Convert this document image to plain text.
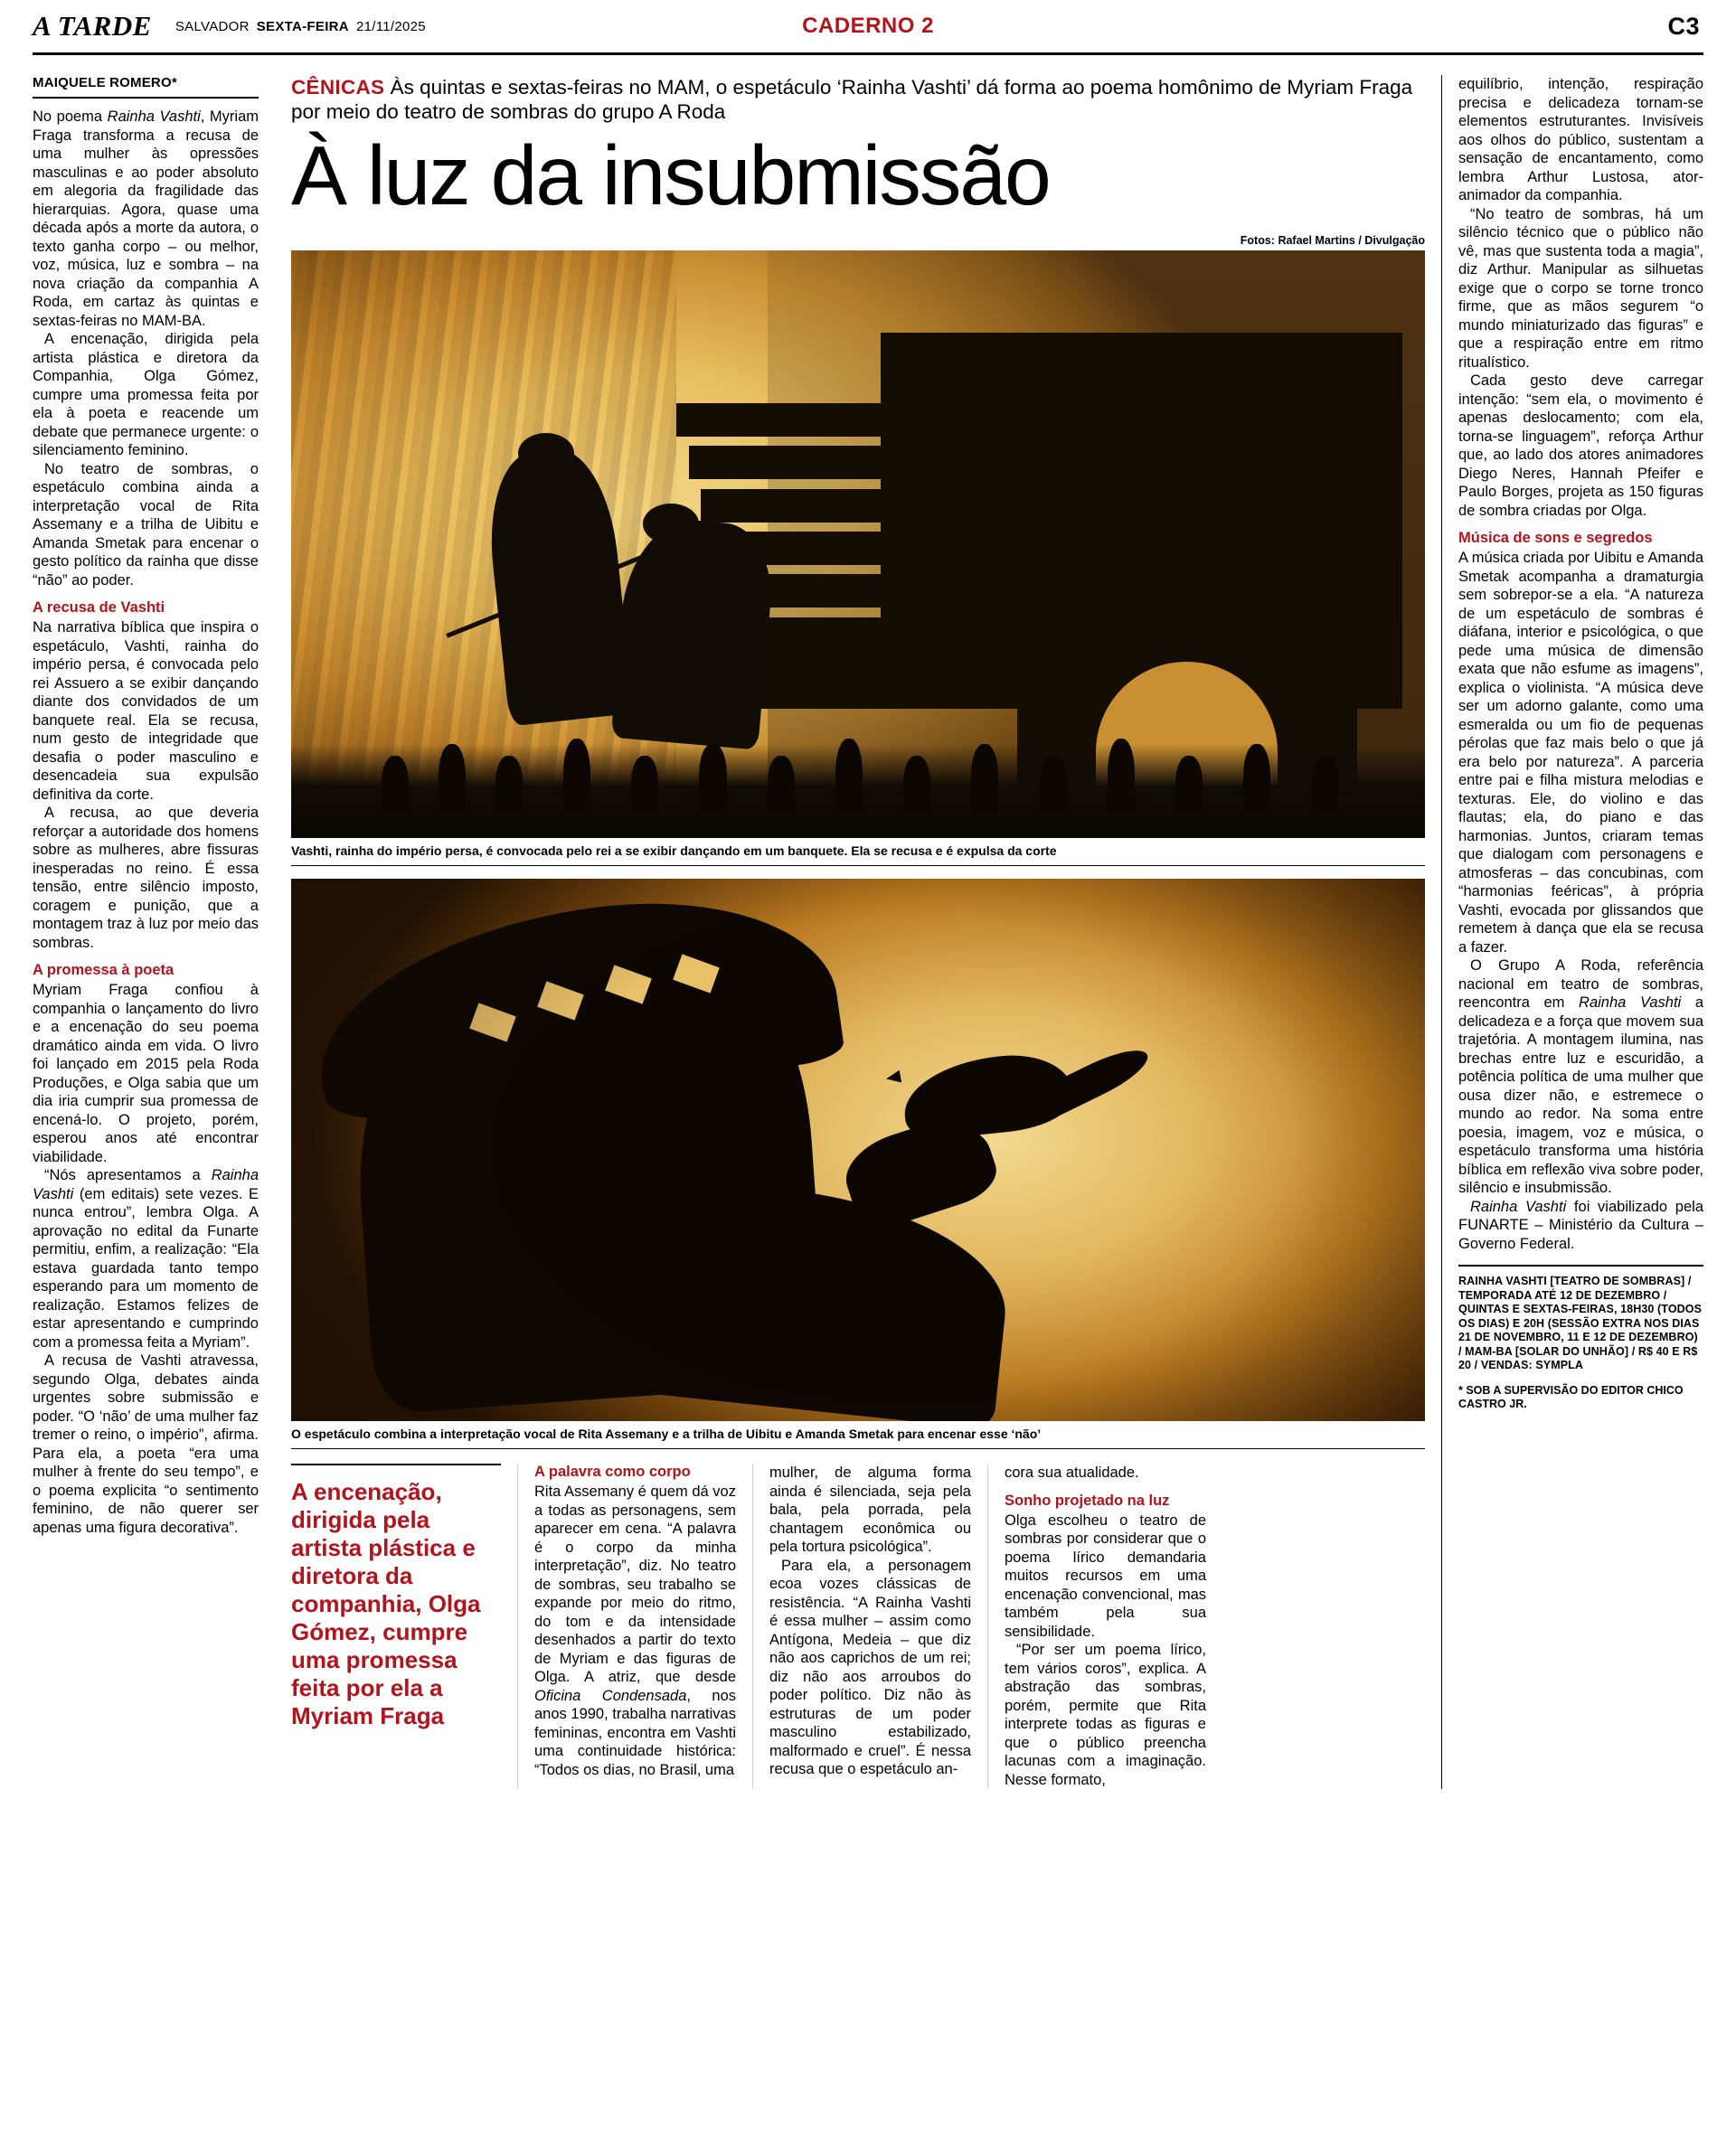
A TARDE	SALVADOR SEXTA-FEIRA 21/11/2025	CADERNO 2	C3
MAIQUELE ROMERO*

No poema Rainha Vashti, Myriam Fraga transforma a recusa de uma mulher às opressões masculinas e ao poder absoluto em alegoria da fragilidade das hierarquias. Agora, quase uma década após a morte da autora, o texto ganha corpo – ou melhor, voz, música, luz e sombra – na nova criação da companhia A Roda, em cartaz às quintas e sextas-feiras no MAM-BA.

A encenação, dirigida pela artista plástica e diretora da Companhia, Olga Gómez, cumpre uma promessa feita por ela à poeta e reacende um debate que permanece urgente: o silenciamento feminino.

No teatro de sombras, o espetáculo combina ainda a interpretação vocal de Rita Assemany e a trilha de Uibitu e Amanda Smetak para encenar o gesto político da rainha que disse “não” ao poder.

A recusa de Vashti

Na narrativa bíblica que inspira o espetáculo, Vashti, rainha do império persa, é convocada pelo rei Assuero a se exibir dançando diante dos convidados de um banquete real. Ela se recusa, num gesto de integridade que desafia o poder masculino e desencadeia sua expulsão definitiva da corte.

A recusa, ao que deveria reforçar a autoridade dos homens sobre as mulheres, abre fissuras inesperadas no reino. É essa tensão, entre silêncio imposto, coragem e punição, que a montagem traz à luz por meio das sombras.

A promessa à poeta

Myriam Fraga confiou à companhia o lançamento do livro e a encenação do seu poema dramático ainda em vida. O livro foi lançado em 2015 pela Roda Produções, e Olga sabia que um dia iria cumprir sua promessa de encená-lo. O projeto, porém, esperou anos até encontrar viabilidade.

“Nós apresentamos a Rainha Vashti (em editais) sete vezes. E nunca entrou”, lembra Olga. A aprovação no edital da Funarte permitiu, enfim, a realização: “Ela estava guardada tanto tempo esperando para um momento de realização. Estamos felizes de estar apresentando e cumprindo com a promessa feita a Myriam”.

A recusa de Vashti atravessa, segundo Olga, debates ainda urgentes sobre submissão e poder. “O ‘não’ de uma mulher faz tremer o reino, o império”, afirma. Para ela, a poeta “era uma mulher à frente do seu tempo”, e o poema explicita “o sentimento feminino, de não querer ser apenas uma figura decorativa”.

CÊNICAS Às quintas e sextas-feiras no MAM, o espetáculo ‘Rainha Vashti’ dá forma ao poema homônimo de Myriam Fraga por meio do teatro de sombras do grupo A Roda
À luz da insubmissão
Fotos: Rafael Martins / Divulgação
Vashti, rainha do império persa, é convocada pelo rei a se exibir dançando em um banquete. Ela se recusa e é expulsa da corte
O espetáculo combina a interpretação vocal de Rita Assemany e a trilha de Uibitu e Amanda Smetak para encenar esse ‘não’
A encenação, dirigida pela artista plástica e diretora da companhia, Olga Gómez, cumpre uma promessa feita por ela a Myriam Fraga
A palavra como corpo

Rita Assemany é quem dá voz a todas as personagens, sem aparecer em cena. “A palavra é o corpo da minha interpretação”, diz. No teatro de sombras, seu trabalho se expande por meio do ritmo, do tom e da intensidade desenhados a partir do texto de Myriam e das figuras de Olga. A atriz, que desde Oficina Condensada, nos anos 1990, trabalha narrativas femininas, encontra em Vashti uma continuidade histórica: “Todos os dias, no Brasil, uma

mulher, de alguma forma ainda é silenciada, seja pela bala, pela porrada, pela chantagem econômica ou pela tortura psicológica”.

Para ela, a personagem ecoa vozes clássicas de resistência. “A Rainha Vashti é essa mulher – assim como Antígona, Medeia – que diz não aos caprichos de um rei; diz não aos arroubos do poder político. Diz não às estruturas de um poder masculino estabilizado, malformado e cruel”. É nessa recusa que o espetáculo an-

cora sua atualidade.

Sonho projetado na luz

Olga escolheu o teatro de sombras por considerar que o poema lírico demandaria muitos recursos em uma encenação convencional, mas também pela sua sensibilidade.

“Por ser um poema lírico, tem vários coros”, explica. A abstração das sombras, porém, permite que Rita interprete todas as figuras e que o público preencha lacunas com a imaginação. Nesse formato,

equilíbrio, intenção, respiração precisa e delicadeza tornam-se elementos estruturantes. Invisíveis aos olhos do público, sustentam a sensação de encantamento, como lembra Arthur Lustosa, ator-animador da companhia.

“No teatro de sombras, há um silêncio técnico que o público não vê, mas que sustenta toda a magia”, diz Arthur. Manipular as silhuetas exige que o corpo se torne tronco firme, que as mãos segurem “o mundo miniaturizado das figuras” e que a respiração entre em ritmo ritualístico.

Cada gesto deve carregar intenção: “sem ela, o movimento é apenas deslocamento; com ela, torna-se linguagem”, reforça Arthur que, ao lado dos atores animadores Diego Neres, Hannah Pfeifer e Paulo Borges, projeta as 150 figuras de sombra criadas por Olga.

Música de sons e segredos

A música criada por Uibitu e Amanda Smetak acompanha a dramaturgia sem sobrepor-se a ela. “A natureza de um espetáculo de sombras é diáfana, interior e psicológica, o que pede uma música de dimensão exata que não esfume as imagens”, explica o violinista. “A música deve ser um adorno galante, como uma esmeralda ou um fio de pequenas pérolas que faz mais belo o que já era belo por natureza”. A parceria entre pai e filha mistura melodias e texturas. Ele, do violino e das flautas; ela, do piano e das harmonias. Juntos, criaram temas que dialogam com personagens e atmosferas – das concubinas, com “harmonias feéricas”, à própria Vashti, evocada por glissandos que remetem à dança que ela se recusa a fazer.

O Grupo A Roda, referência nacional em teatro de sombras, reencontra em Rainha Vashti a delicadeza e a força que movem sua trajetória. A montagem ilumina, nas brechas entre luz e escuridão, a potência política de uma mulher que ousa dizer não, e estremece o mundo ao redor. Na soma entre poesia, imagem, voz e música, o espetáculo transforma uma história bíblica em reflexão viva sobre poder, silêncio e insubmissão.

Rainha Vashti foi viabilizado pela FUNARTE – Ministério da Cultura – Governo Federal.

RAINHA VASHTI [TEATRO DE SOMBRAS] / TEMPORADA ATÉ 12 DE DEZEMBRO / QUINTAS E SEXTAS-FEIRAS, 18H30 (TODOS OS DIAS) E 20H (SESSÃO EXTRA NOS DIAS 21 DE NOVEMBRO, 11 E 12 DE DEZEMBRO) / MAM-BA [SOLAR DO UNHÃO] / R$ 40 E R$ 20 / VENDAS: SYMPLA
* SOB A SUPERVISÃO DO EDITOR CHICO CASTRO JR.
